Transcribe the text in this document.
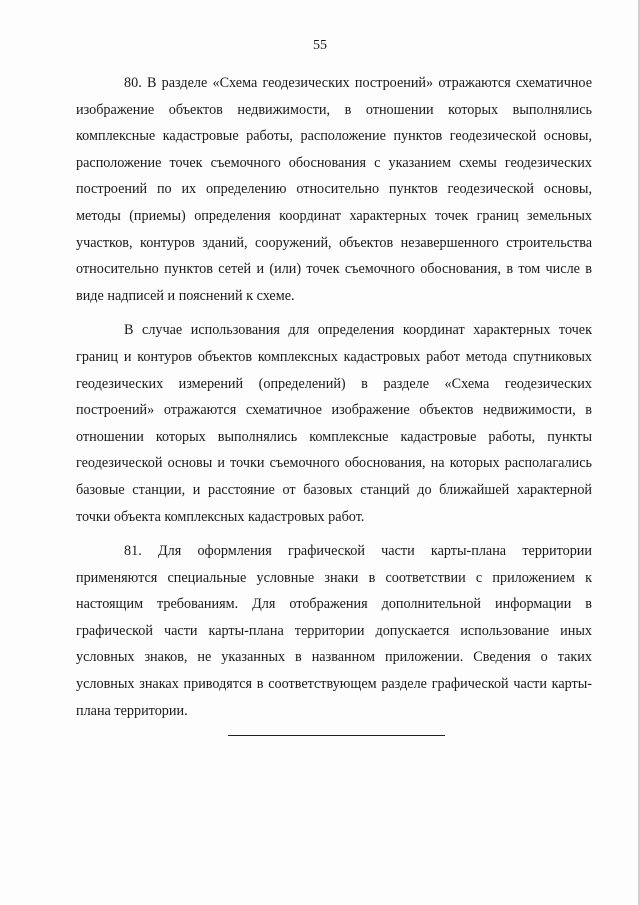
55

80. В разделе «Схема геодезических построений» отражаются схематичное изображение объектов недвижимости, в отношении которых выполнялись комплексные кадастровые работы, расположение пунктов геодезической основы, расположение точек съемочного обоснования с указанием схемы геодезических построений по их определению относительно пунктов геодезической основы, методы (приемы) определения координат характерных точек границ земельных участков, контуров зданий, сооружений, объектов незавершенного строительства относительно пунктов сетей и (или) точек съемочного обоснования, в том числе в виде надписей и пояснений к схеме.

В случае использования для определения координат характерных точек границ и контуров объектов комплексных кадастровых работ метода спутниковых геодезических измерений (определений) в разделе «Схема геодезических построений» отражаются схематичное изображение объектов недвижимости, в отношении которых выполнялись комплексные кадастровые работы, пункты геодезической основы и точки съемочного обоснования, на которых располагались базовые станции, и расстояние от базовых станций до ближайшей характерной точки объекта комплексных кадастровых работ.

81. Для оформления графической части карты-плана территории применяются специальные условные знаки в соответствии с приложением к настоящим требованиям. Для отображения дополнительной информации в графической части карты-плана территории допускается использование иных условных знаков, не указанных в названном приложении. Сведения о таких условных знаках приводятся в соответствующем разделе графической части карты-плана территории.
